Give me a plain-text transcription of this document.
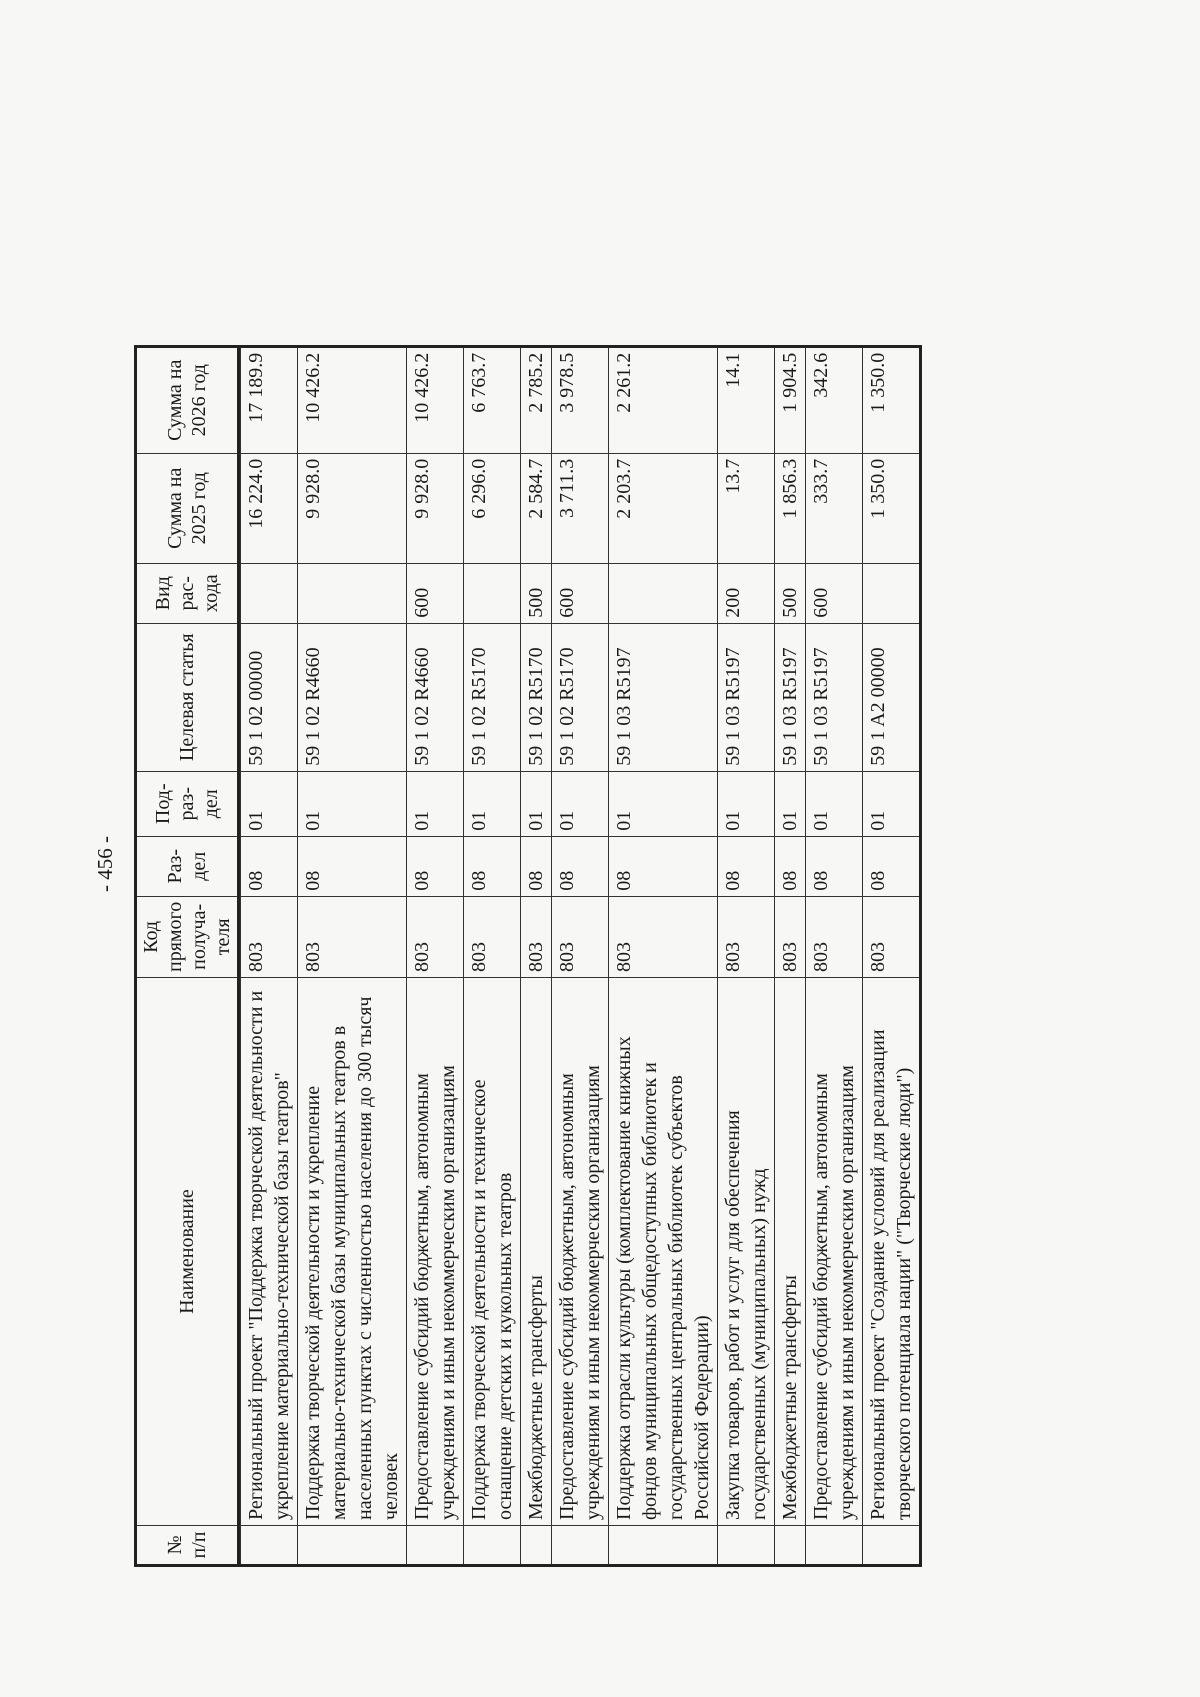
- 456 -
№ п/п	Наименование	Код прямого получа-теля	Раз-дел	Под-раз-дел	Целевая статья	Вид рас-хода	Сумма на 2025 год	Сумма на 2026 год

	Региональный проект "Поддержка творческой деятельности и укрепление материально-технической базы театров"	803	08	01	59 1 02 00000		16 224.0	17 189.9
	Поддержка творческой деятельности и укрепление материально-технической базы муниципальных театров в населенных пунктах с численностью населения до 300 тысяч человек	803	08	01	59 1 02 R4660		9 928.0	10 426.2
	Предоставление субсидий бюджетным, автономным учреждениям и иным некоммерческим организациям	803	08	01	59 1 02 R4660	600	9 928.0	10 426.2
	Поддержка творческой деятельности и техническое оснащение детских и кукольных театров	803	08	01	59 1 02 R5170		6 296.0	6 763.7
	Межбюджетные трансферты	803	08	01	59 1 02 R5170	500	2 584.7	2 785.2
	Предоставление субсидий бюджетным, автономным учреждениям и иным некоммерческим организациям	803	08	01	59 1 02 R5170	600	3 711.3	3 978.5
	Поддержка отрасли культуры (комплектование книжных фондов муниципальных общедоступных библиотек и государственных центральных библиотек субъектов Российской Федерации)	803	08	01	59 1 03 R5197		2 203.7	2 261.2
	Закупка товаров, работ и услуг для обеспечения государственных (муниципальных) нужд	803	08	01	59 1 03 R5197	200	13.7	14.1
	Межбюджетные трансферты	803	08	01	59 1 03 R5197	500	1 856.3	1 904.5
	Предоставление субсидий бюджетным, автономным учреждениям и иным некоммерческим организациям	803	08	01	59 1 03 R5197	600	333.7	342.6
	Региональный проект "Создание условий для реализации творческого потенциала нации" ("Творческие люди")	803	08	01	59 1 A2 00000		1 350.0	1 350.0
